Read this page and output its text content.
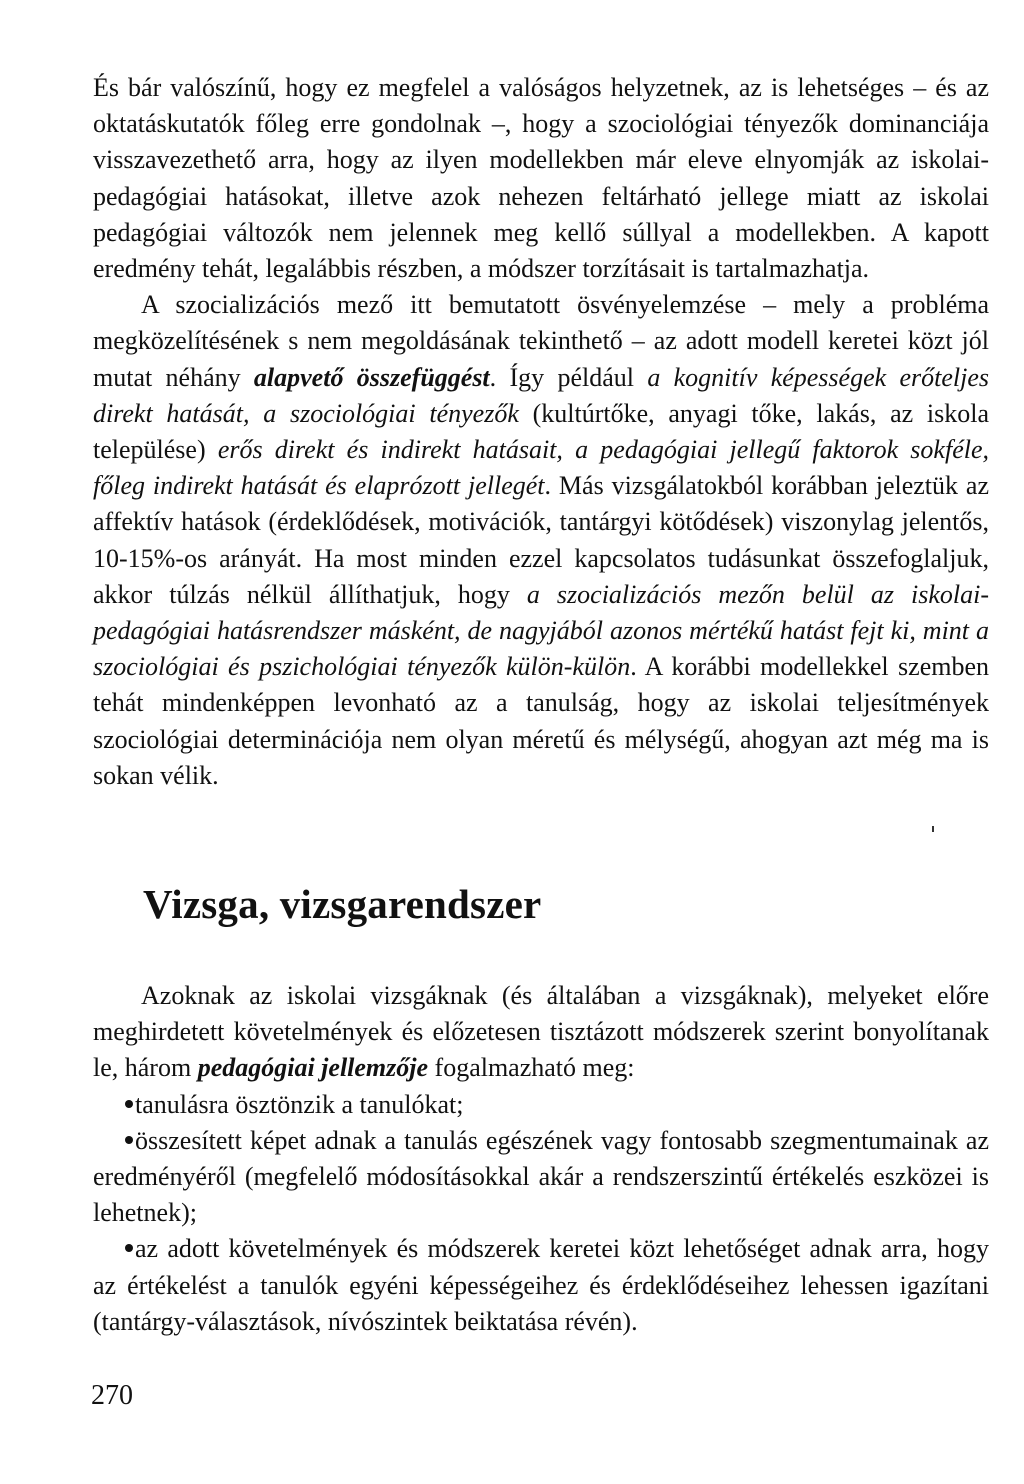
És bár valószínű, hogy ez megfelel a valóságos helyzetnek, az is lehetséges – és az oktatáskutatók főleg erre gondolnak –, hogy a szociológiai tényezők dominanciája visszavezethető arra, hogy az ilyen modellekben már eleve elnyomják az iskolai-pedagógiai hatásokat, illetve azok nehezen feltárható jellege miatt az iskolai pedagógiai változók nem jelennek meg kellő súllyal a modellekben. A kapott eredmény tehát, legalábbis részben, a módszer torzításait is tartalmazhatja.

A szocializációs mező itt bemutatott ösvényelemzése – mely a probléma megközelítésének s nem megoldásának tekinthető – az adott modell keretei közt jól mutat néhány alapvető összefüggést. Így például a kognitív képességek erőteljes direkt hatását, a szociológiai tényezők (kultúrtőke, anyagi tőke, lakás, az iskola települése) erős direkt és indirekt hatásait, a pedagógiai jellegű faktorok sokféle, főleg indirekt hatását és elaprózott jellegét. Más vizsgálatokból korábban jeleztük az affektív hatások (érdeklődések, motivációk, tantárgyi kötődések) viszonylag jelentős, 10-15%-os arányát. Ha most minden ezzel kapcsolatos tudásunkat összefoglaljuk, akkor túlzás nélkül állíthatjuk, hogy a szocializációs mezőn belül az iskolai-pedagógiai hatásrendszer másként, de nagyjából azonos mértékű hatást fejt ki, mint a szociológiai és pszichológiai tényezők külön-külön. A korábbi modellekkel szemben tehát mindenképpen levonható az a tanulság, hogy az iskolai teljesítmények szociológiai determinációja nem olyan méretű és mélységű, ahogyan azt még ma is sokan vélik.

Vizsga, vizsgarendszer

Azoknak az iskolai vizsgáknak (és általában a vizsgáknak), melyeket előre meghirdetett követelmények és előzetesen tisztázott módszerek szerint bonyolítanak le, három pedagógiai jellemzője fogalmazható meg:

tanulásra ösztönzik a tanulókat;
összesített képet adnak a tanulás egészének vagy fontosabb szegmentumainak az eredményéről (megfelelő módosításokkal akár a rendszerszintű értékelés eszközei is lehetnek);
az adott követelmények és módszerek keretei közt lehetőséget adnak arra, hogy az értékelést a tanulók egyéni képességeihez és érdeklődéseihez lehessen igazítani (tantárgy-választások, nívószintek beiktatása révén).

270
